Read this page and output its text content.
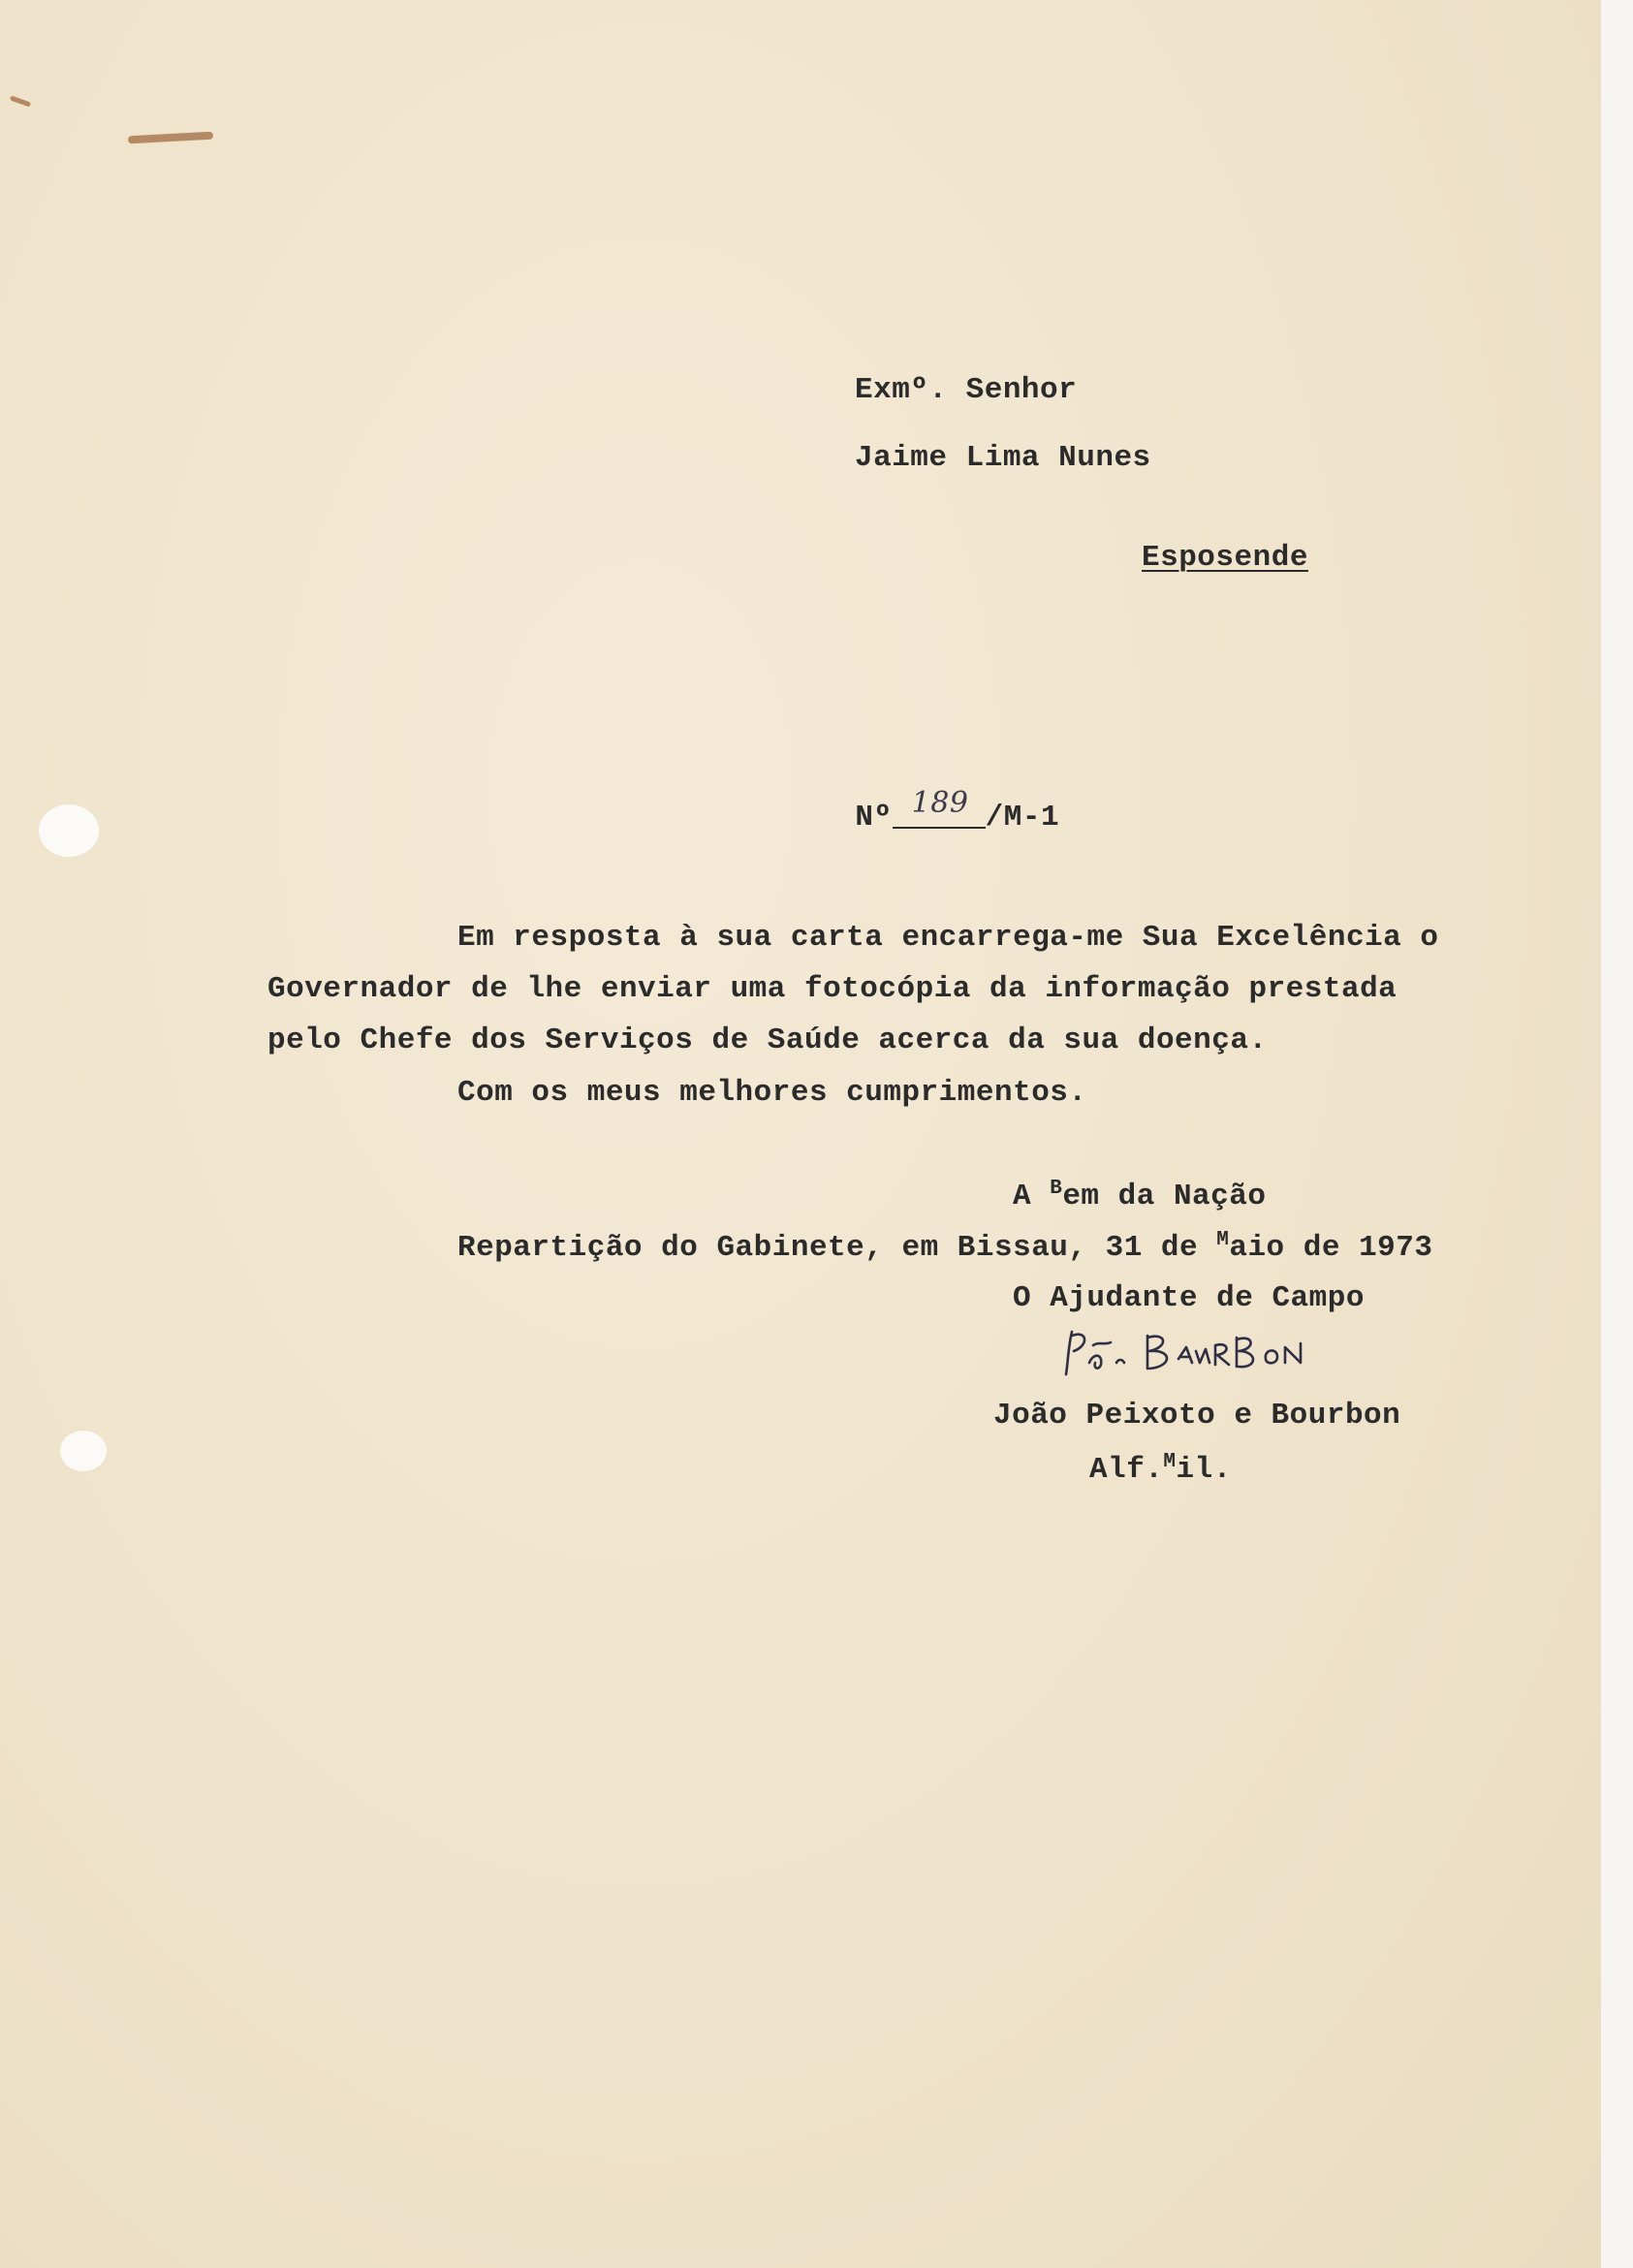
Exmº. Senhor
Jaime Lima Nunes
Esposende

Nº 189 /M-1

Em resposta à sua carta encarrega-me Sua Excelência o
Governador de lhe enviar uma fotocópia da informação prestada
pelo Chefe dos Serviços de Saúde acerca da sua doença.
Com os meus melhores cumprimentos.
A $^B$em da Nação
Repartição do Gabinete, em Bissau, 31 de $^M$aio de 1973
O Ajudante de Campo
João Bourbon
João Peixoto e Bourbon
Alf.$^M$il.
